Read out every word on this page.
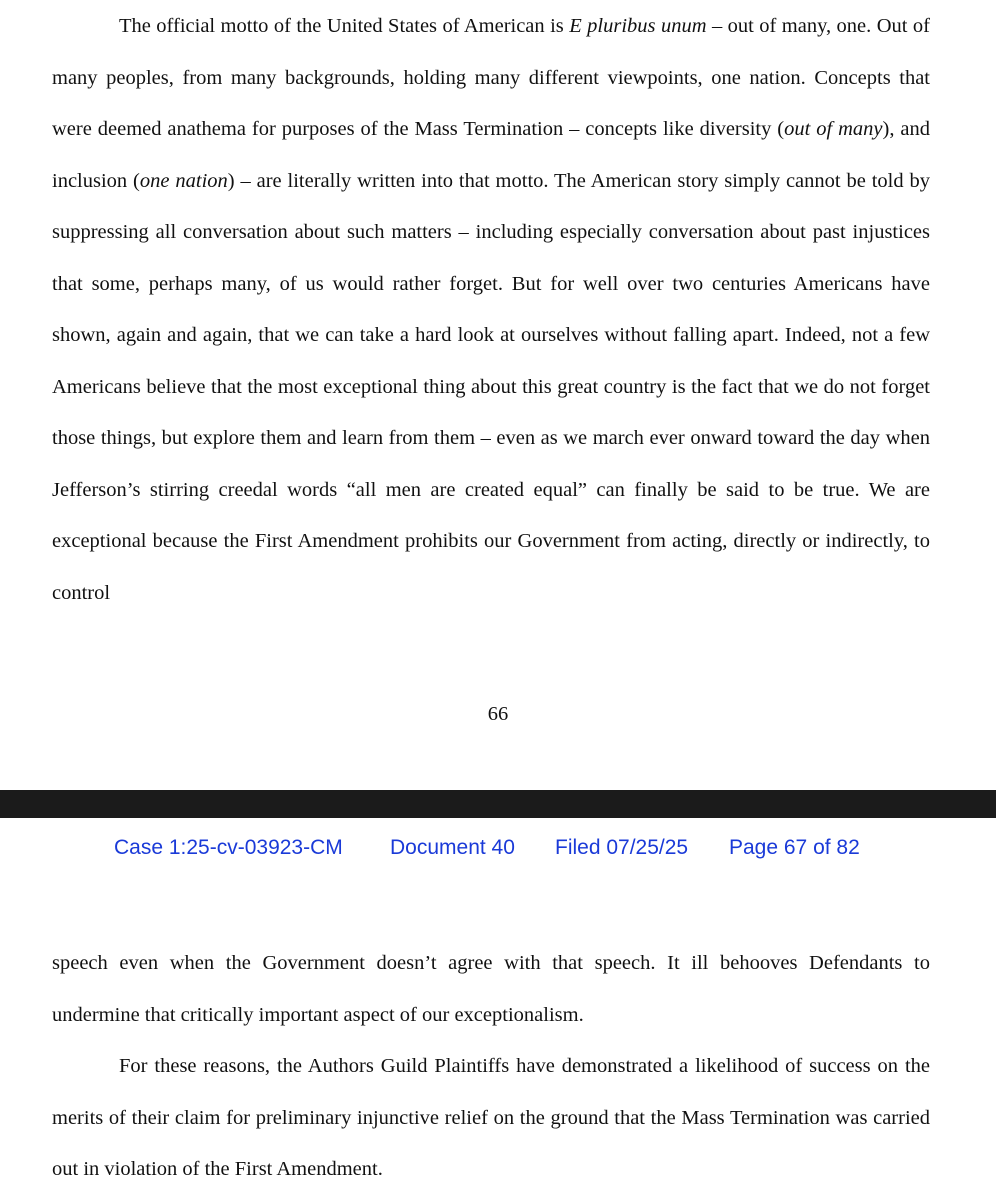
The official motto of the United States of American is E pluribus unum – out of many, one. Out of many peoples, from many backgrounds, holding many different viewpoints, one nation. Concepts that were deemed anathema for purposes of the Mass Termination – concepts like diversity (out of many), and inclusion (one nation) – are literally written into that motto. The American story simply cannot be told by suppressing all conversation about such matters – including especially conversation about past injustices that some, perhaps many, of us would rather forget. But for well over two centuries Americans have shown, again and again, that we can take a hard look at ourselves without falling apart. Indeed, not a few Americans believe that the most exceptional thing about this great country is the fact that we do not forget those things, but explore them and learn from them – even as we march ever onward toward the day when Jefferson’s stirring creedal words “all men are created equal” can finally be said to be true. We are exceptional because the First Amendment prohibits our Government from acting, directly or indirectly, to control

66
Case 1:25-cv-03923-CM Document 40 Filed 07/25/25 Page 67 of 82

speech even when the Government doesn’t agree with that speech. It ill behooves Defendants to undermine that critically important aspect of our exceptionalism.

For these reasons, the Authors Guild Plaintiffs have demonstrated a likelihood of success on the merits of their claim for preliminary injunctive relief on the ground that the Mass Termination was carried out in violation of the First Amendment.
